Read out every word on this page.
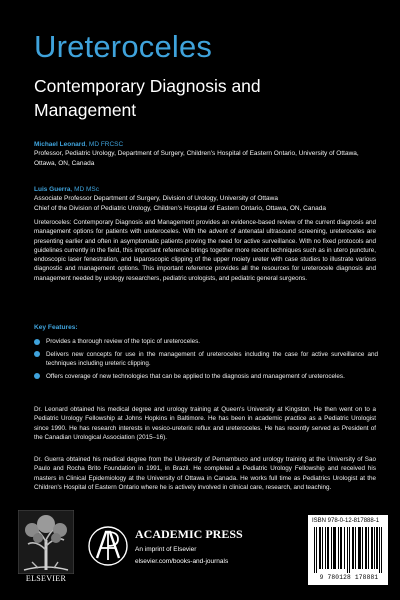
Ureteroceles
Contemporary Diagnosis and Management
Michael Leonard, MD FRCSC
Professor, Pediatric Urology, Department of Surgery, Children's Hospital of Eastern Ontario, University of Ottawa,
Ottawa, ON, Canada
Luis Guerra, MD MSc
Associate Professor Department of Surgery, Division of Urology, University of Ottawa
Chief of the Division of Pediatric Urology, Children's Hospital of Eastern Ontario, Ottawa, ON, Canada
Ureteroceles: Contemporary Diagnosis and Management provides an evidence-based review of the current diagnosis and management options for patients with ureteroceles. With the advent of antenatal ultrasound screening, ureteroceles are presenting earlier and often in asymptomatic patients proving the need for active surveillance. With no fixed protocols and guidelines currently in the field, this important reference brings together more recent techniques such as in utero puncture, endoscopic laser fenestration, and laparoscopic clipping of the upper moiety ureter with case studies to illustrate various diagnostic and management options. This important reference provides all the resources for ureterocele diagnosis and management needed by urology researchers, pediatric urologists, and pediatric general surgeons.
Key Features:
Provides a thorough review of the topic of ureteroceles.
Delivers new concepts for use in the management of ureteroceles including the case for active surveillance and techniques including ureteric clipping.
Offers coverage of new technologies that can be applied to the diagnosis and management of ureteroceles.
Dr. Leonard obtained his medical degree and urology training at Queen's University at Kingston. He then went on to a Pediatric Urology Fellowship at Johns Hopkins in Baltimore. He has been in academic practice as a Pediatric Urologist since 1990. He has research interests in vesico-ureteric reflux and ureteroceles. He has recently served as President of the Canadian Urological Association (2015–16).
Dr. Guerra obtained his medical degree from the University of Pernambuco and urology training at the University of Sao Paulo and Rocha Brito Foundation in 1991, in Brazil. He completed a Pediatric Urology Fellowship and received his masters in Clinical Epidemiology at the University of Ottawa in Canada. He works full time as Pediatrics Urologist at the Children's Hospital of Eastern Ontario where he is actively involved in clinical care, research, and teaching.
ELSEVIER
ACADEMIC PRESS
An imprint of Elsevier
elsevier.com/books-and-journals
ISBN 978-0-12-817888-1
9 780128 178881
